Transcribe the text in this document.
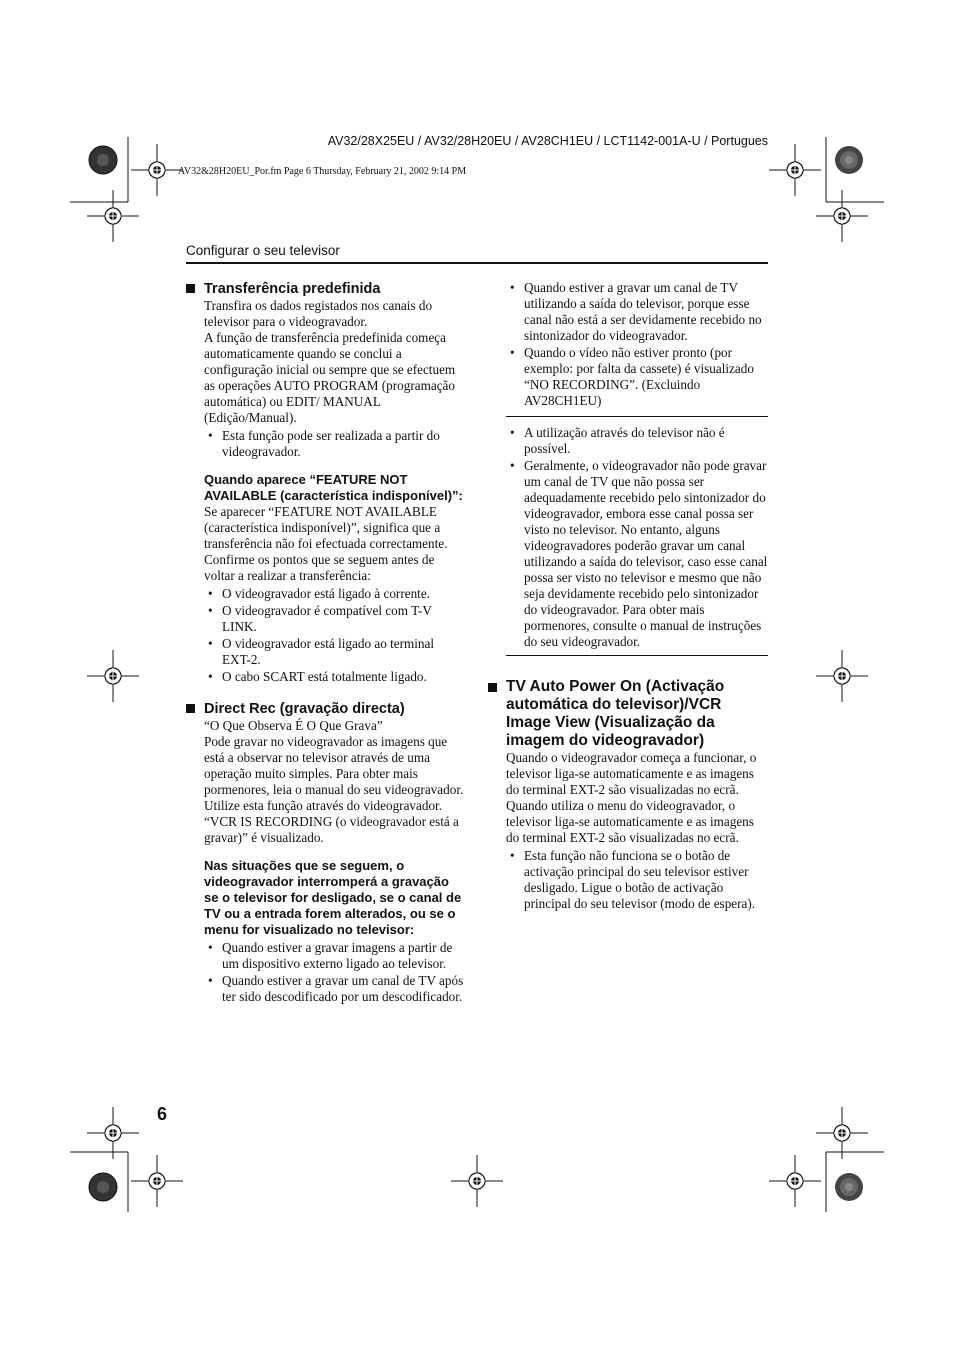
AV32/28X25EU / AV32/28H20EU / AV28CH1EU / LCT1142-001A-U / Portugues
AV32&28H20EU_Por.fm Page 6 Thursday, February 21, 2002 9:14 PM
Configurar o seu televisor
Transferência predefinida

Transfira os dados registados nos canais do televisor para o videogravador.

A função de transferência predefinida começa automaticamente quando se conclui a configuração inicial ou sempre que se efectuem as operações AUTO PROGRAM (programação automática) ou EDIT/ MANUAL (Edição/Manual).

• Esta função pode ser realizada a partir do videogravador.
Quando aparece “FEATURE NOT AVAILABLE (característica indisponível)”:

Se aparecer “FEATURE NOT AVAILABLE (característica indisponível)”, significa que a transferência não foi efectuada correctamente. Confirme os pontos que se seguem antes de voltar a realizar a transferência:

• O videogravador está ligado à corrente.
• O videogravador é compatível com T-V LINK.
• O videogravador está ligado ao terminal EXT-2.
• O cabo SCART está totalmente ligado.
Direct Rec (gravação directa)

“O Que Observa É O Que Grava”

Pode gravar no videogravador as imagens que está a observar no televisor através de uma operação muito simples. Para obter mais pormenores, leia o manual do seu videogravador. Utilize esta função através do videogravador. “VCR IS RECORDING (o videogravador está a gravar)” é visualizado.

Nas situações que se seguem, o videogravador interromperá a gravação se o televisor for desligado, se o canal de TV ou a entrada forem alterados, ou se o menu for visualizado no televisor:
• Quando estiver a gravar imagens a partir de um dispositivo externo ligado ao televisor.
• Quando estiver a gravar um canal de TV após ter sido descodificado por um descodificador.
• Quando estiver a gravar um canal de TV utilizando a saída do televisor, porque esse canal não está a ser devidamente recebido no sintonizador do videogravador.
• Quando o vídeo não estiver pronto (por exemplo: por falta da cassete) é visualizado “NO RECORDING”. (Excluindo AV28CH1EU)
• A utilização através do televisor não é possível.
• Geralmente, o videogravador não pode gravar um canal de TV que não possa ser adequadamente recebido pelo sintonizador do videogravador, embora esse canal possa ser visto no televisor. No entanto, alguns videogravadores poderão gravar um canal utilizando a saída do televisor, caso esse canal possa ser visto no televisor e mesmo que não seja devidamente recebido pelo sintonizador do videogravador. Para obter mais pormenores, consulte o manual de instruções do seu videogravador.
TV Auto Power On (Activação automática do televisor)/VCR Image View (Visualização da imagem do videogravador)

Quando o videogravador começa a funcionar, o televisor liga-se automaticamente e as imagens do terminal EXT-2 são visualizadas no ecrã.

Quando utiliza o menu do videogravador, o televisor liga-se automaticamente e as imagens do terminal EXT-2 são visualizadas no ecrã.

• Esta função não funciona se o botão de activação principal do seu televisor estiver desligado. Ligue o botão de activação principal do seu televisor (modo de espera).
6
